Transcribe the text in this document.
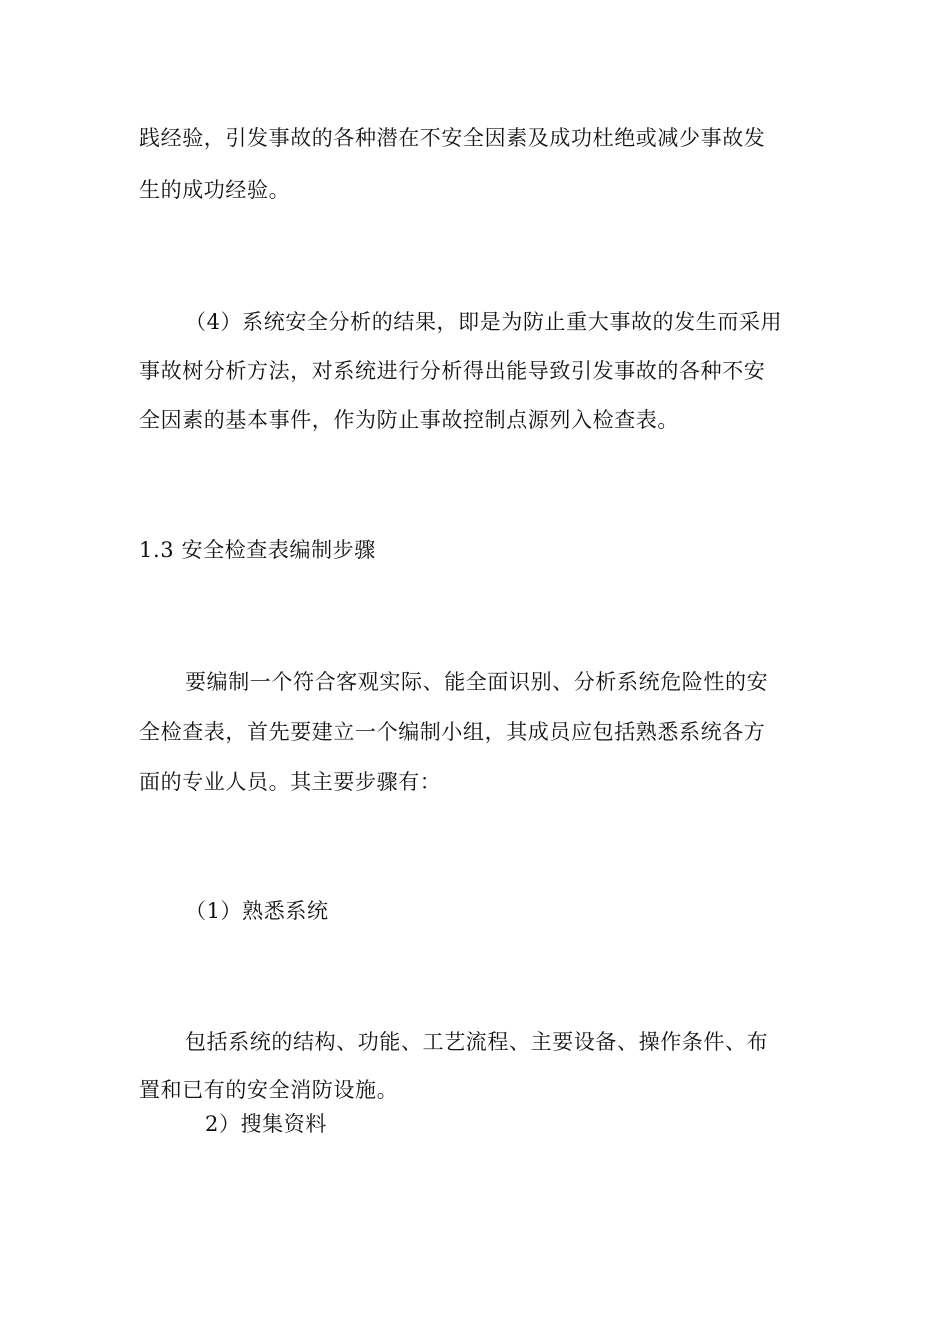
践经验，引发事故的各种潜在不安全因素及成功杜绝或减少事故发
生的成功经验。
（4）系统安全分析的结果，即是为防止重大事故的发生而采用
事故树分析方法，对系统进行分析得出能导致引发事故的各种不安
全因素的基本事件，作为防止事故控制点源列入检查表。
1.3 安全检查表编制步骤
要编制一个符合客观实际、能全面识别、分析系统危险性的安
全检查表，首先要建立一个编制小组，其成员应包括熟悉系统各方
面的专业人员。其主要步骤有：
（1）熟悉系统
包括系统的结构、功能、工艺流程、主要设备、操作条件、布
置和已有的安全消防设施。
2）搜集资料
